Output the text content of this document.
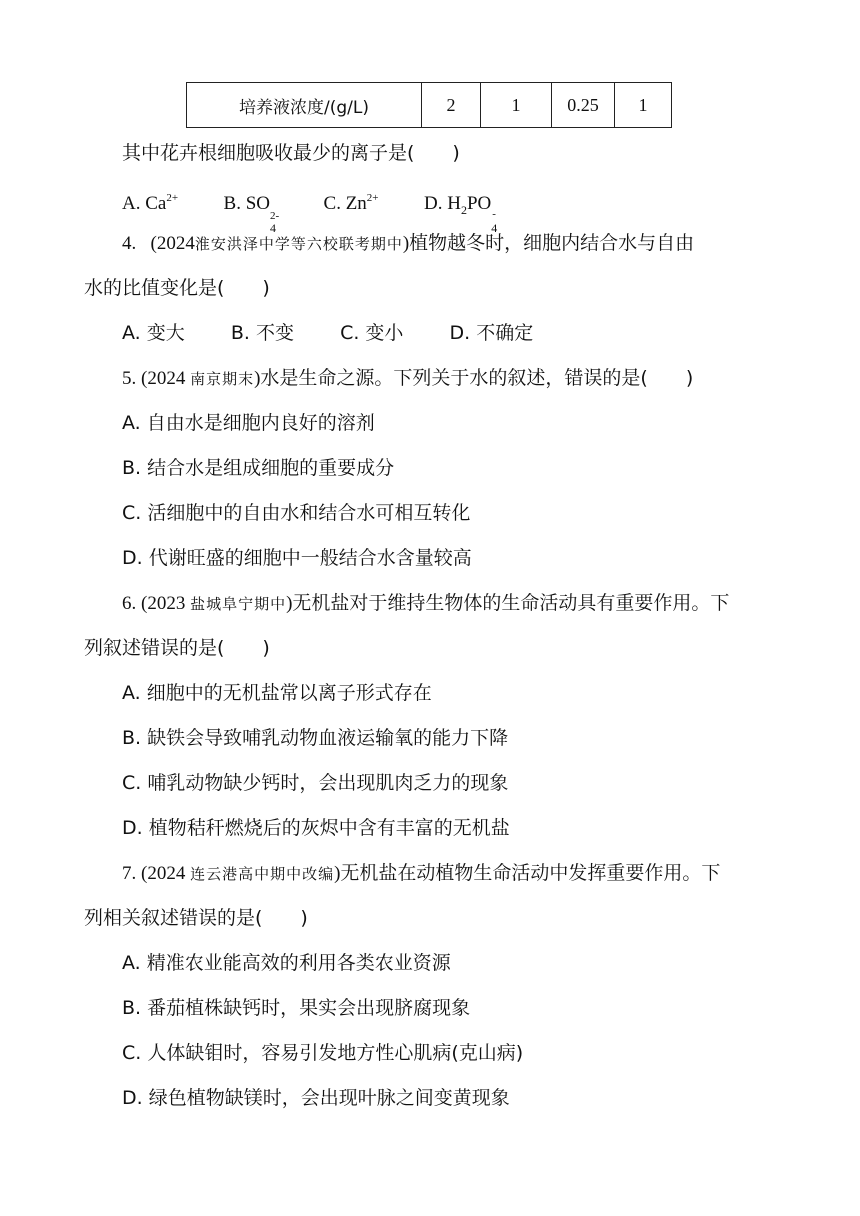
培养液浓度/(g/L)	2	1	0.25	1
其中花卉根细胞吸收最少的离子是(　　)
A. $Ca^{2+}$ B. SO
2-
4
C. $Zn^{2+}$ D. $H_2PO$ -
4
4. (2024淮安洪泽中学等六校联考期中)植物越冬时，细胞内结合水与自由
水的比值变化是(　　)
A. 变大 B. 不变 C. 变小 D. 不确定
5. (2024 南京期末)水是生命之源。下列关于水的叙述，错误的是(　　)
A. 自由水是细胞内良好的溶剂
B. 结合水是组成细胞的重要成分
C. 活细胞中的自由水和结合水可相互转化
D. 代谢旺盛的细胞中一般结合水含量较高
6. (2023 盐城阜宁期中)无机盐对于维持生物体的生命活动具有重要作用。下
列叙述错误的是(　　)
A. 细胞中的无机盐常以离子形式存在
B. 缺铁会导致哺乳动物血液运输氧的能力下降
C. 哺乳动物缺少钙时，会出现肌肉乏力的现象
D. 植物秸秆燃烧后的灰烬中含有丰富的无机盐
7. (2024 连云港高中期中改编)无机盐在动植物生命活动中发挥重要作用。下
列相关叙述错误的是(　　)
A. 精准农业能高效的利用各类农业资源
B. 番茄植株缺钙时，果实会出现脐腐现象
C. 人体缺钼时，容易引发地方性心肌病(克山病)
D. 绿色植物缺镁时，会出现叶脉之间变黄现象
